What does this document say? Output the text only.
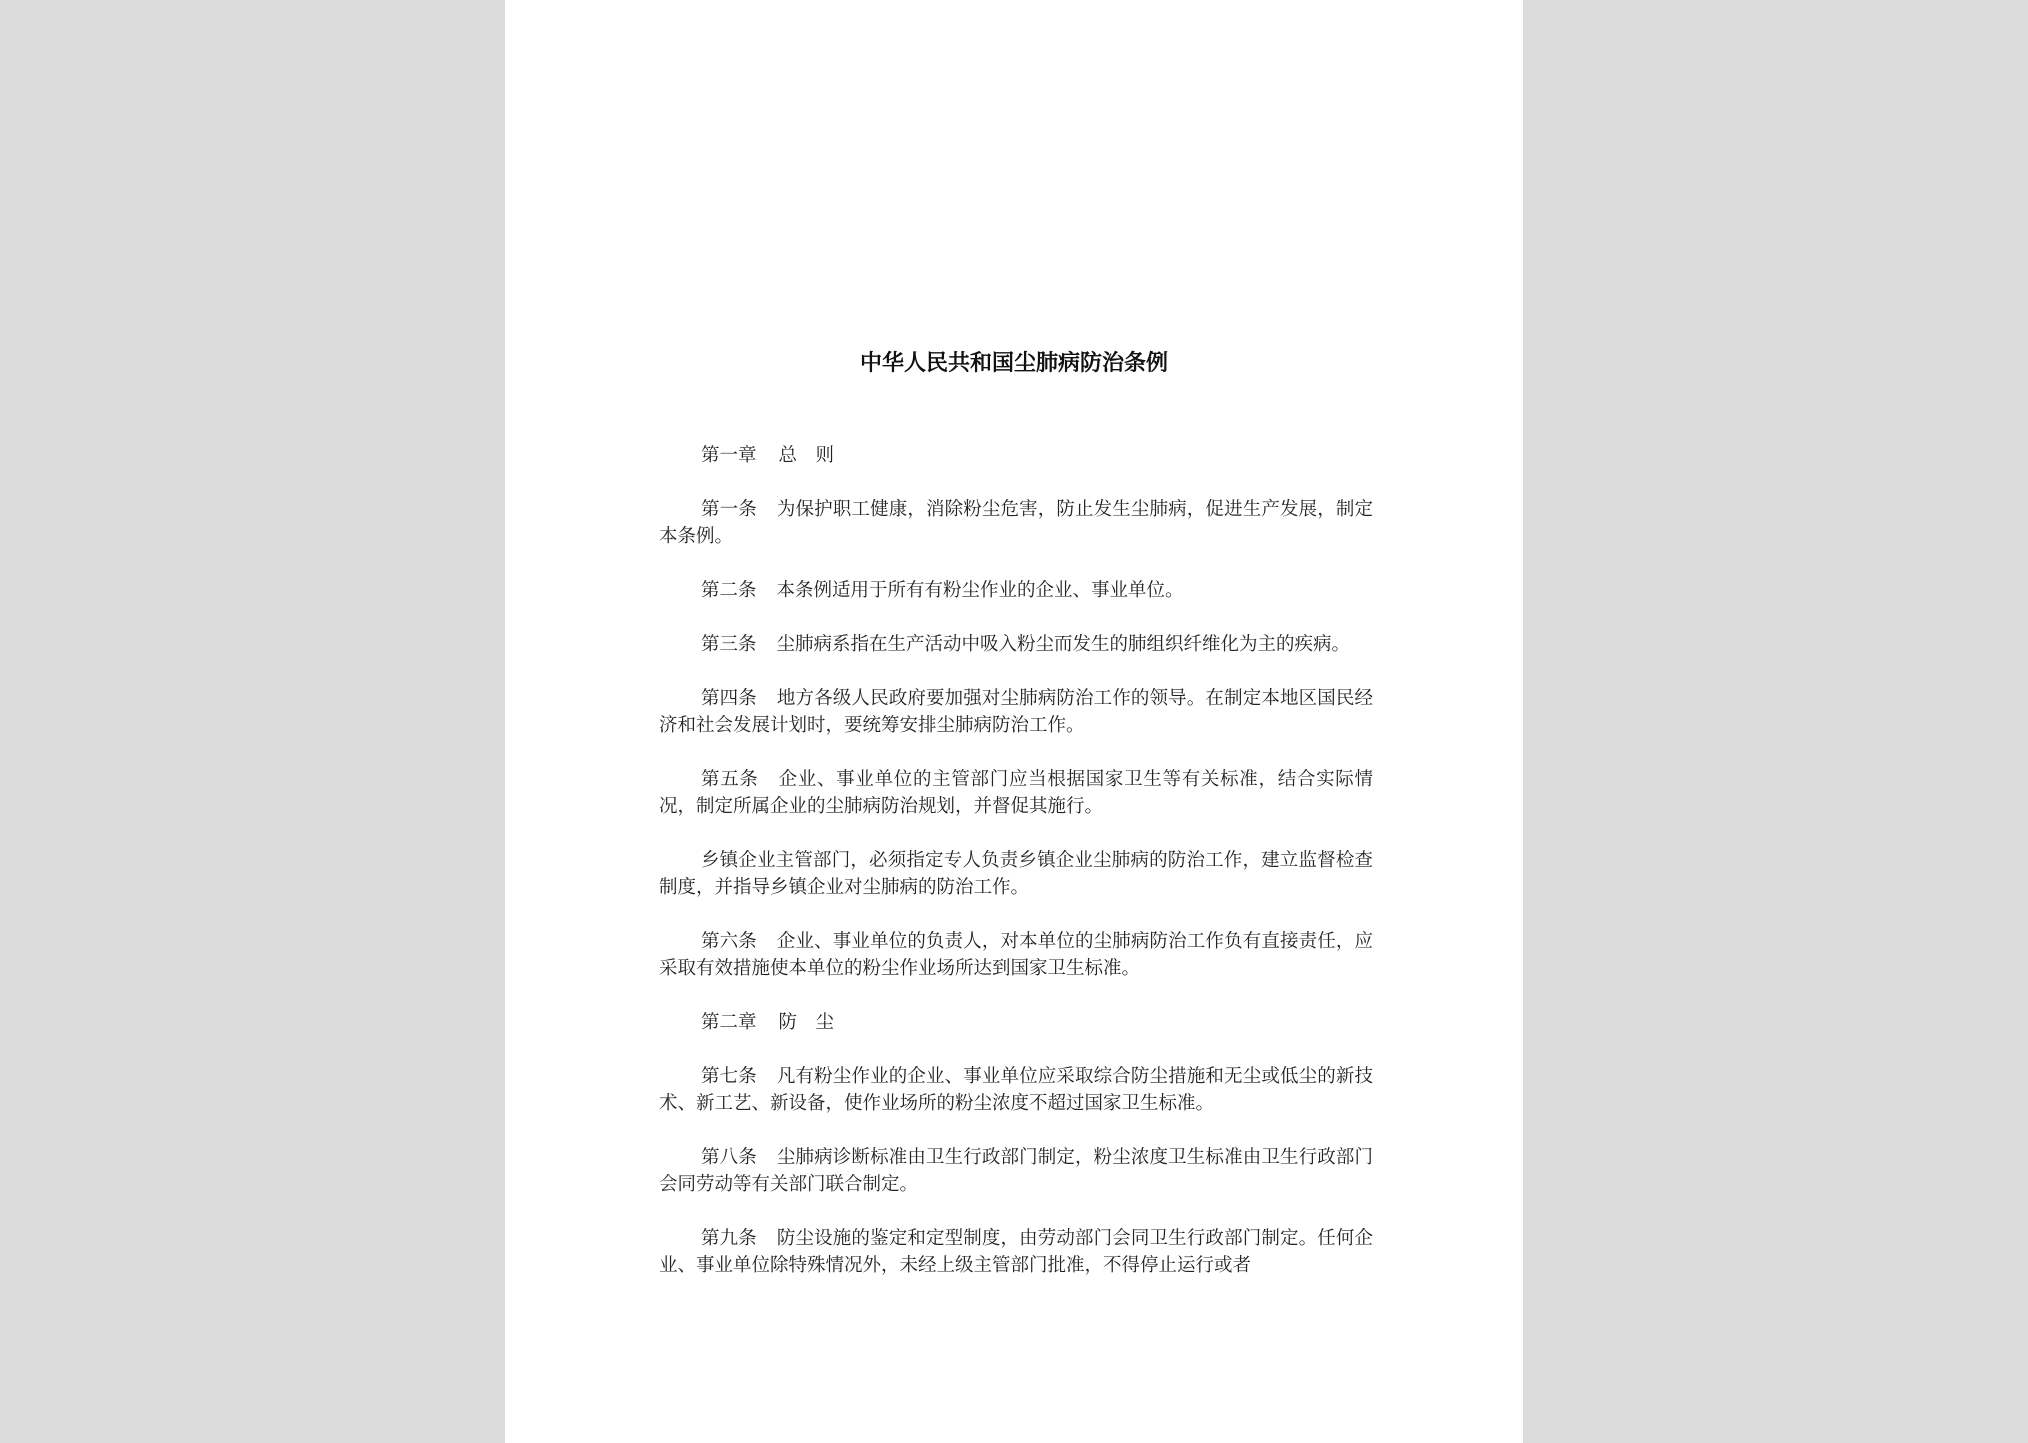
中华人民共和国尘肺病防治条例

第一章 总　则

第一条 为保护职工健康，消除粉尘危害，防止发生尘肺病，促进生产发展，制定本条例。

第二条 本条例适用于所有有粉尘作业的企业、事业单位。

第三条 尘肺病系指在生产活动中吸入粉尘而发生的肺组织纤维化为主的疾病。

第四条 地方各级人民政府要加强对尘肺病防治工作的领导。在制定本地区国民经济和社会发展计划时，要统筹安排尘肺病防治工作。

第五条 企业、事业单位的主管部门应当根据国家卫生等有关标准，结合实际情况，制定所属企业的尘肺病防治规划，并督促其施行。

乡镇企业主管部门，必须指定专人负责乡镇企业尘肺病的防治工作，建立监督检查制度，并指导乡镇企业对尘肺病的防治工作。

第六条 企业、事业单位的负责人，对本单位的尘肺病防治工作负有直接责任，应采取有效措施使本单位的粉尘作业场所达到国家卫生标准。

第二章 防　尘

第七条 凡有粉尘作业的企业、事业单位应采取综合防尘措施和无尘或低尘的新技术、新工艺、新设备，使作业场所的粉尘浓度不超过国家卫生标准。

第八条 尘肺病诊断标准由卫生行政部门制定，粉尘浓度卫生标准由卫生行政部门会同劳动等有关部门联合制定。

第九条 防尘设施的鉴定和定型制度，由劳动部门会同卫生行政部门制定。任何企业、事业单位除特殊情况外，未经上级主管部门批准，不得停止运行或者
